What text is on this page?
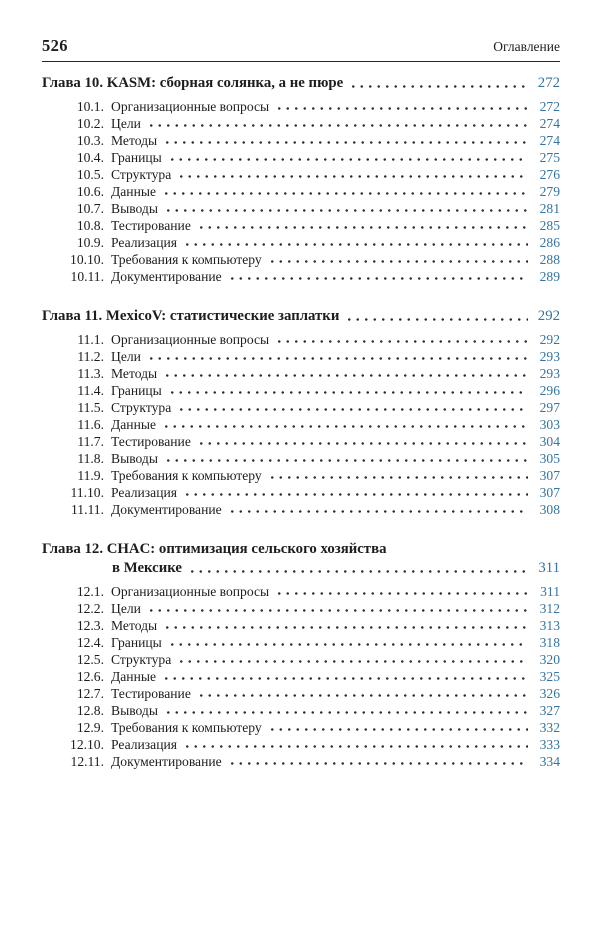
526	Оглавление
Глава 10. KASM: сборная солянка, а не пюре	272
10.1. Организационные вопросы	272
10.2. Цели	274
10.3. Методы	274
10.4. Границы	275
10.5. Структура	276
10.6. Данные	279
10.7. Выводы	281
10.8. Тестирование	285
10.9. Реализация	286
10.10. Требования к компьютеру	288
10.11. Документирование	289
Глава 11. MexicoV: статистические заплатки	292
11.1. Организационные вопросы	292
11.2. Цели	293
11.3. Методы	293
11.4. Границы	296
11.5. Структура	297
11.6. Данные	303
11.7. Тестирование	304
11.8. Выводы	305
11.9. Требования к компьютеру	307
11.10. Реализация	307
11.11. Документирование	308
Глава 12. CHAC: оптимизация сельского хозяйства
в Мексике	311
12.1. Организационные вопросы	311
12.2. Цели	312
12.3. Методы	313
12.4. Границы	318
12.5. Структура	320
12.6. Данные	325
12.7. Тестирование	326
12.8. Выводы	327
12.9. Требования к компьютеру	332
12.10. Реализация	333
12.11. Документирование	334
